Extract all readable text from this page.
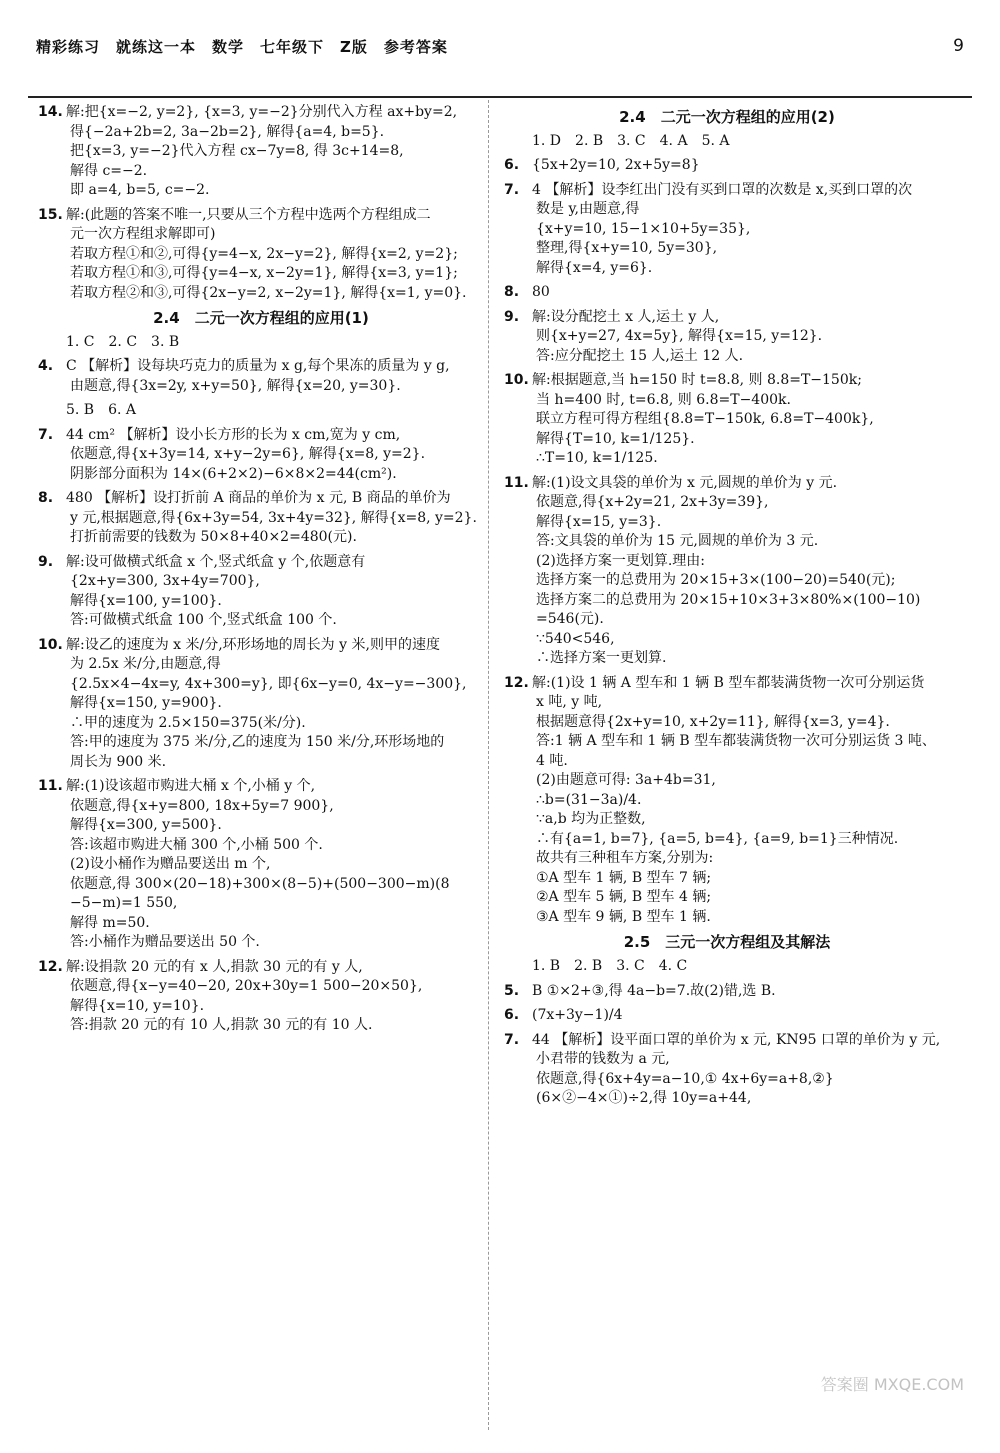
精彩练习　就练这一本　数学　七年级下　Z版　参考答案	9
14. 解:把{x=−2, y=2}, {x=3, y=−2}分别代入方程 ax+by=2,
得{−2a+2b=2, 3a−2b=2}, 解得{a=4, b=5}.
把{x=3, y=−2}代入方程 cx−7y=8, 得 3c+14=8,
解得 c=−2.
即 a=4, b=5, c=−2.
15. 解:(此题的答案不唯一,只要从三个方程中选两个方程组成二
元一次方程组求解即可)
若取方程①和②,可得{y=4−x, 2x−y=2}, 解得{x=2, y=2};
若取方程①和③,可得{y=4−x, x−2y=1}, 解得{x=3, y=1};
若取方程②和③,可得{2x−y=2, x−2y=1}, 解得{x=1, y=0}.
2.4　二元一次方程组的应用(1)
1. C　2. C　3. B
4. C 【解析】设每块巧克力的质量为 x g,每个果冻的质量为 y g,
由题意,得{3x=2y, x+y=50}, 解得{x=20, y=30}.
5. B　6. A
7. 44 cm² 【解析】设小长方形的长为 x cm,宽为 y cm,
依题意,得{x+3y=14, x+y−2y=6}, 解得{x=8, y=2}.
阴影部分面积为 14×(6+2×2)−6×8×2=44(cm²).
8. 480 【解析】设打折前 A 商品的单价为 x 元, B 商品的单价为
y 元,根据题意,得{6x+3y=54, 3x+4y=32}, 解得{x=8, y=2}.
打折前需要的钱数为 50×8+40×2=480(元).
9. 解:设可做横式纸盒 x 个,竖式纸盒 y 个,依题意有
{2x+y=300, 3x+4y=700},
解得{x=100, y=100}.
答:可做横式纸盒 100 个,竖式纸盒 100 个.
10. 解:设乙的速度为 x 米/分,环形场地的周长为 y 米,则甲的速度
为 2.5x 米/分,由题意,得
{2.5x×4−4x=y, 4x+300=y}, 即{6x−y=0, 4x−y=−300},
解得{x=150, y=900}.
∴甲的速度为 2.5×150=375(米/分).
答:甲的速度为 375 米/分,乙的速度为 150 米/分,环形场地的
周长为 900 米.
11. 解:(1)设该超市购进大桶 x 个,小桶 y 个,
依题意,得{x+y=800, 18x+5y=7 900},
解得{x=300, y=500}.
答:该超市购进大桶 300 个,小桶 500 个.
(2)设小桶作为赠品要送出 m 个,
依题意,得 300×(20−18)+300×(8−5)+(500−300−m)(8
−5−m)=1 550,
解得 m=50.
答:小桶作为赠品要送出 50 个.
12. 解:设捐款 20 元的有 x 人,捐款 30 元的有 y 人,
依题意,得{x−y=40−20, 20x+30y=1 500−20×50},
解得{x=10, y=10}.
答:捐款 20 元的有 10 人,捐款 30 元的有 10 人.
2.4　二元一次方程组的应用(2)
1. D　2. B　3. C　4. A　5. A
6. {5x+2y=10, 2x+5y=8}
7. 4 【解析】设李红出门没有买到口罩的次数是 x,买到口罩的次
数是 y,由题意,得
{x+y=10, 15−1×10+5y=35},
整理,得{x+y=10, 5y=30},
解得{x=4, y=6}.
8. 80
9. 解:设分配挖土 x 人,运土 y 人,
则{x+y=27, 4x=5y}, 解得{x=15, y=12}.
答:应分配挖土 15 人,运土 12 人.
10. 解:根据题意,当 h=150 时 t=8.8, 则 8.8=T−150k;
当 h=400 时, t=6.8, 则 6.8=T−400k.
联立方程可得方程组{8.8=T−150k, 6.8=T−400k},
解得{T=10, k=1/125}.
∴T=10, k=1/125.
11. 解:(1)设文具袋的单价为 x 元,圆规的单价为 y 元.
依题意,得{x+2y=21, 2x+3y=39},
解得{x=15, y=3}.
答:文具袋的单价为 15 元,圆规的单价为 3 元.
(2)选择方案一更划算.理由:
选择方案一的总费用为 20×15+3×(100−20)=540(元);
选择方案二的总费用为 20×15+10×3+3×80%×(100−10)
=546(元).
∵540<546,
∴选择方案一更划算.
12. 解:(1)设 1 辆 A 型车和 1 辆 B 型车都装满货物一次可分别运货
x 吨, y 吨,
根据题意得{2x+y=10, x+2y=11}, 解得{x=3, y=4}.
答:1 辆 A 型车和 1 辆 B 型车都装满货物一次可分别运货 3 吨、
4 吨.
(2)由题意可得: 3a+4b=31,
∴b=(31−3a)/4.
∵a,b 均为正整数,
∴有{a=1, b=7}, {a=5, b=4}, {a=9, b=1}三种情况.
故共有三种租车方案,分别为:
①A 型车 1 辆, B 型车 7 辆;
②A 型车 5 辆, B 型车 4 辆;
③A 型车 9 辆, B 型车 1 辆.
2.5　三元一次方程组及其解法
1. B　2. B　3. C　4. C
5. B ①×2+③,得 4a−b=7.故(2)错,选 B.
6. (7x+3y−1)/4
7. 44 【解析】设平面口罩的单价为 x 元, KN95 口罩的单价为 y 元,
小君带的钱数为 a 元,
依题意,得{6x+4y=a−10,① 4x+6y=a+8,②}
(6×②−4×①)÷2,得 10y=a+44,
答案圈 MXQE.COM
